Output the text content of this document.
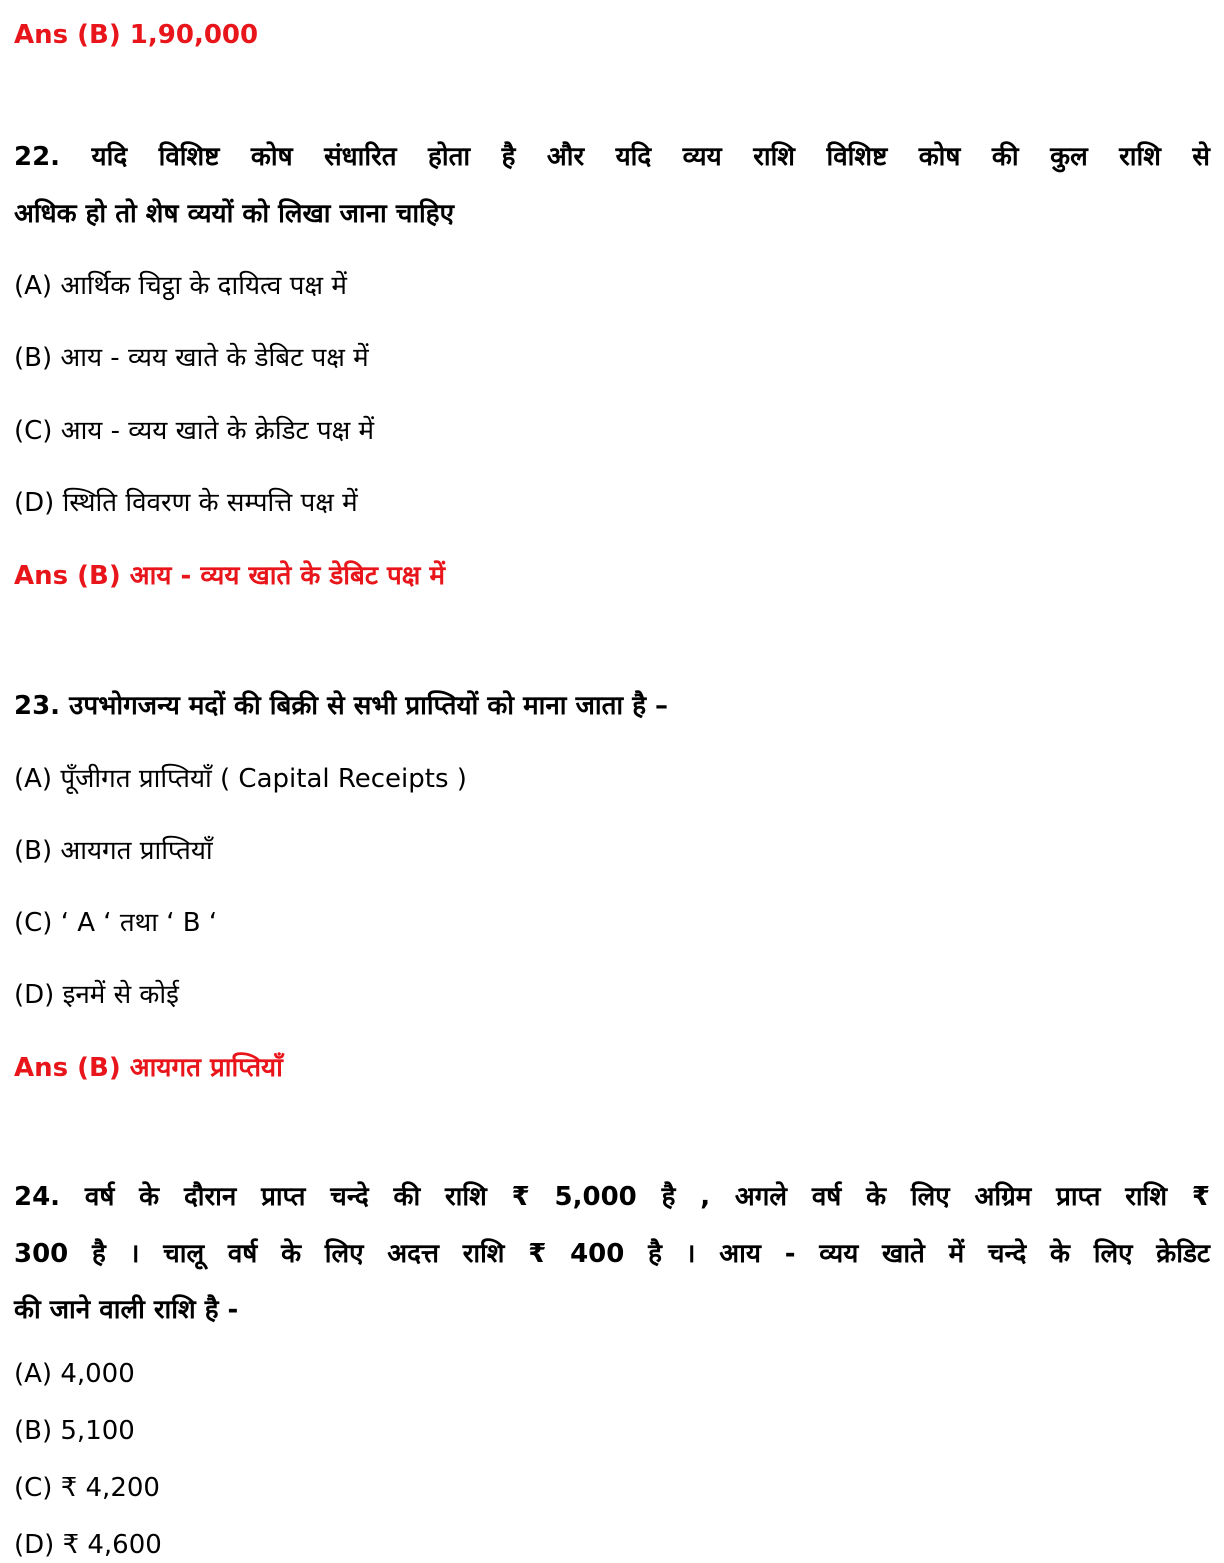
Ans (B) 1,90,000
22. यदि विशिष्ट कोष संधारित होता है और यदि व्यय राशि विशिष्ट कोष की कुल राशि से
अधिक हो तो शेष व्ययों को लिखा जाना चाहिए
(A) आर्थिक चिट्ठा के दायित्व पक्ष में
(B) आय - व्यय खाते के डेबिट पक्ष में
(C) आय - व्यय खाते के क्रेडिट पक्ष में
(D) स्थिति विवरण के सम्पत्ति पक्ष में
Ans (B) आय - व्यय खाते के डेबिट पक्ष में
23. उपभोगजन्य मदों की बिक्री से सभी प्राप्तियों को माना जाता है –
(A) पूँजीगत प्राप्तियाँ ( Capital Receipts )
(B) आयगत प्राप्तियाँ
(C) ‘ A ‘ तथा ‘ B ‘
(D) इनमें से कोई
Ans (B) आयगत प्राप्तियाँ
24. वर्ष के दौरान प्राप्त चन्दे की राशि ₹ 5,000 है , अगले वर्ष के लिए अग्रिम प्राप्त राशि ₹
300 है । चालू वर्ष के लिए अदत्त राशि ₹ 400 है । आय - व्यय खाते में चन्दे के लिए क्रेडिट
की जाने वाली राशि है -
(A) 4,000
(B) 5,100
(C) ₹ 4,200
(D) ₹ 4,600
